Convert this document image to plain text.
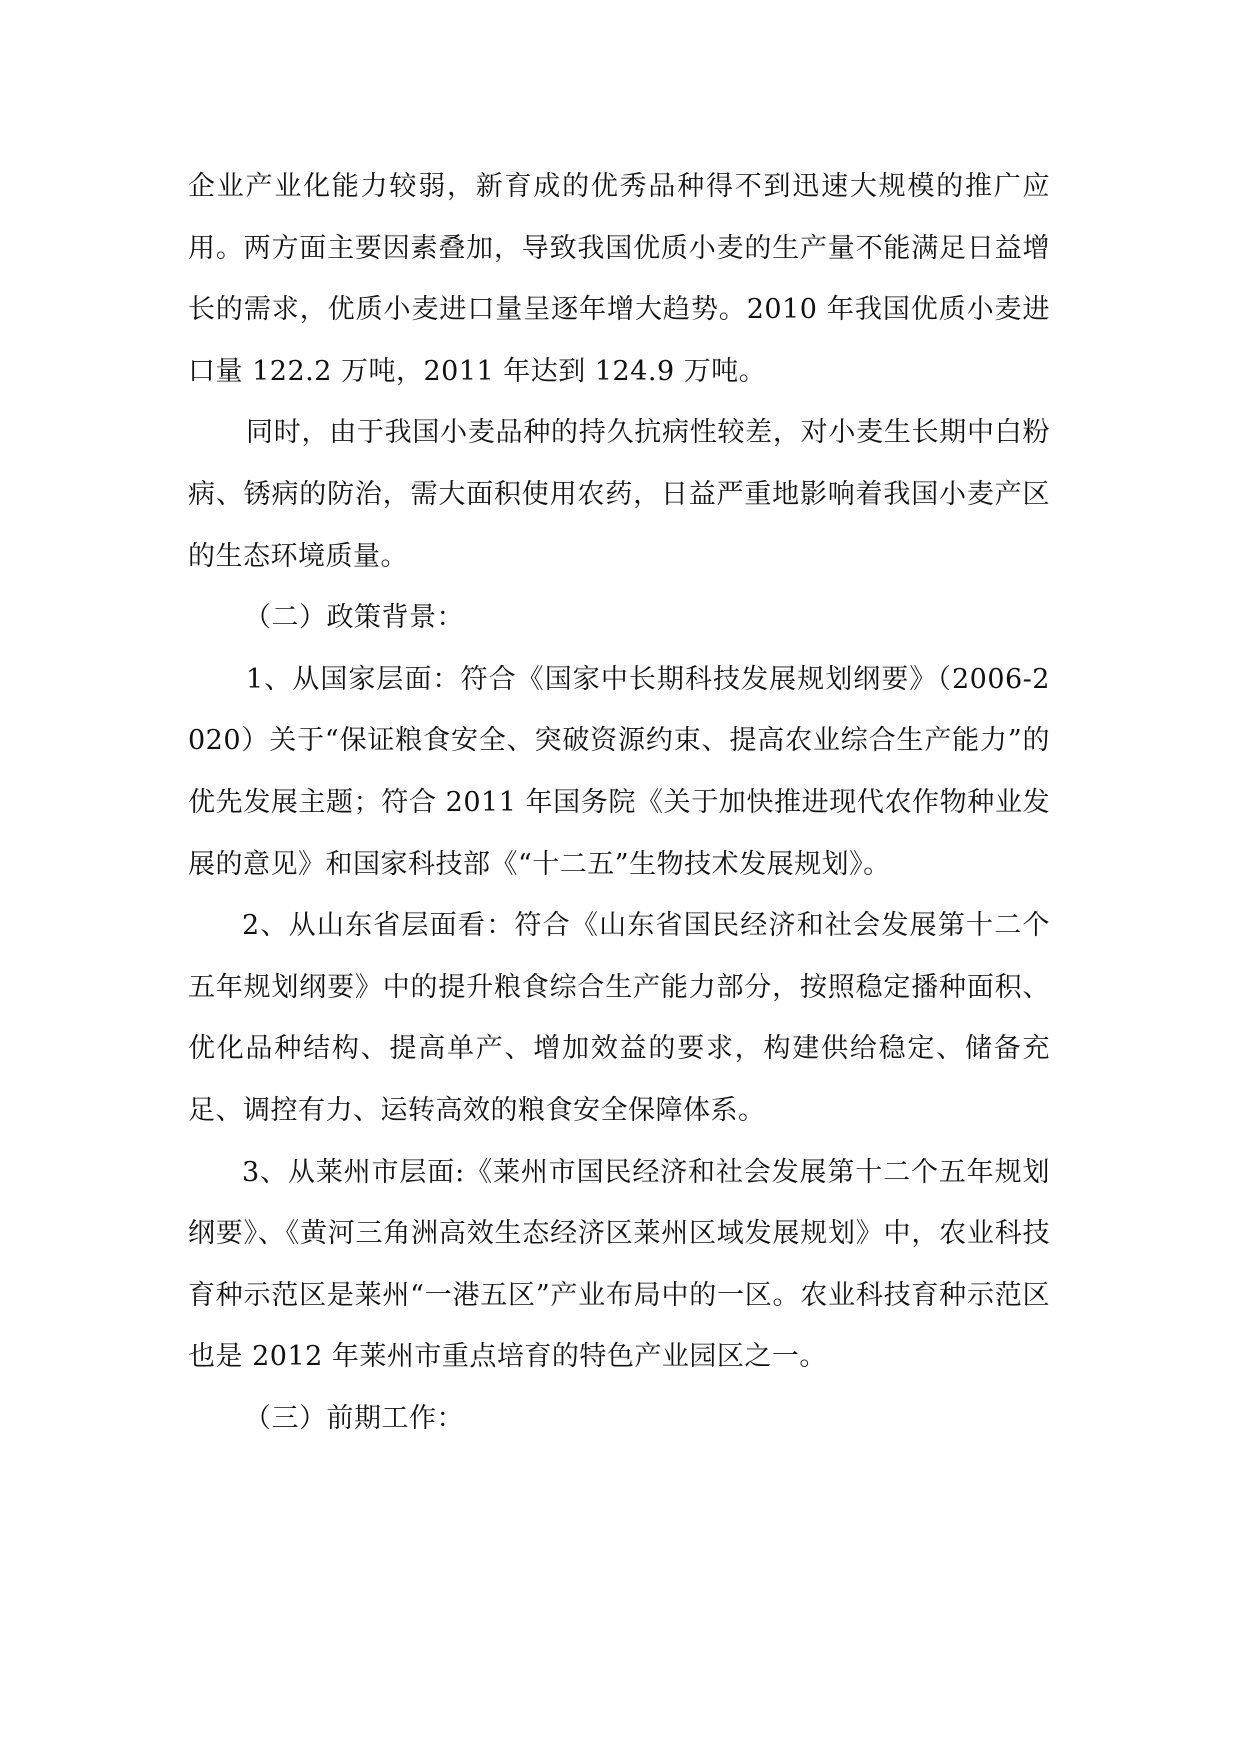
企业产业化能力较弱，新育成的优秀品种得不到迅速大规模的推广应用。两方面主要因素叠加，导致我国优质小麦的生产量不能满足日益增长的需求，优质小麦进口量呈逐年增大趋势。2010 年我国优质小麦进口量 122.2 万吨，2011 年达到 124.9 万吨。

同时，由于我国小麦品种的持久抗病性较差，对小麦生长期中白粉病、锈病的防治，需大面积使用农药，日益严重地影响着我国小麦产区的生态环境质量。

（二）政策背景：

1、从国家层面：符合《国家中长期科技发展规划纲要》（2006-2020）关于“保证粮食安全、突破资源约束、提高农业综合生产能力”的优先发展主题；符合 2011 年国务院《关于加快推进现代农作物种业发展的意见》和国家科技部《“十二五”生物技术发展规划》。

2、从山东省层面看：符合《山东省国民经济和社会发展第十二个五年规划纲要》中的提升粮食综合生产能力部分，按照稳定播种面积、优化品种结构、提高单产、增加效益的要求，构建供给稳定、储备充足、调控有力、运转高效的粮食安全保障体系。

3、从莱州市层面:《莱州市国民经济和社会发展第十二个五年规划纲要》、《黄河三角洲高效生态经济区莱州区域发展规划》中，农业科技育种示范区是莱州“一港五区”产业布局中的一区。农业科技育种示范区也是 2012 年莱州市重点培育的特色产业园区之一。

（三）前期工作：
